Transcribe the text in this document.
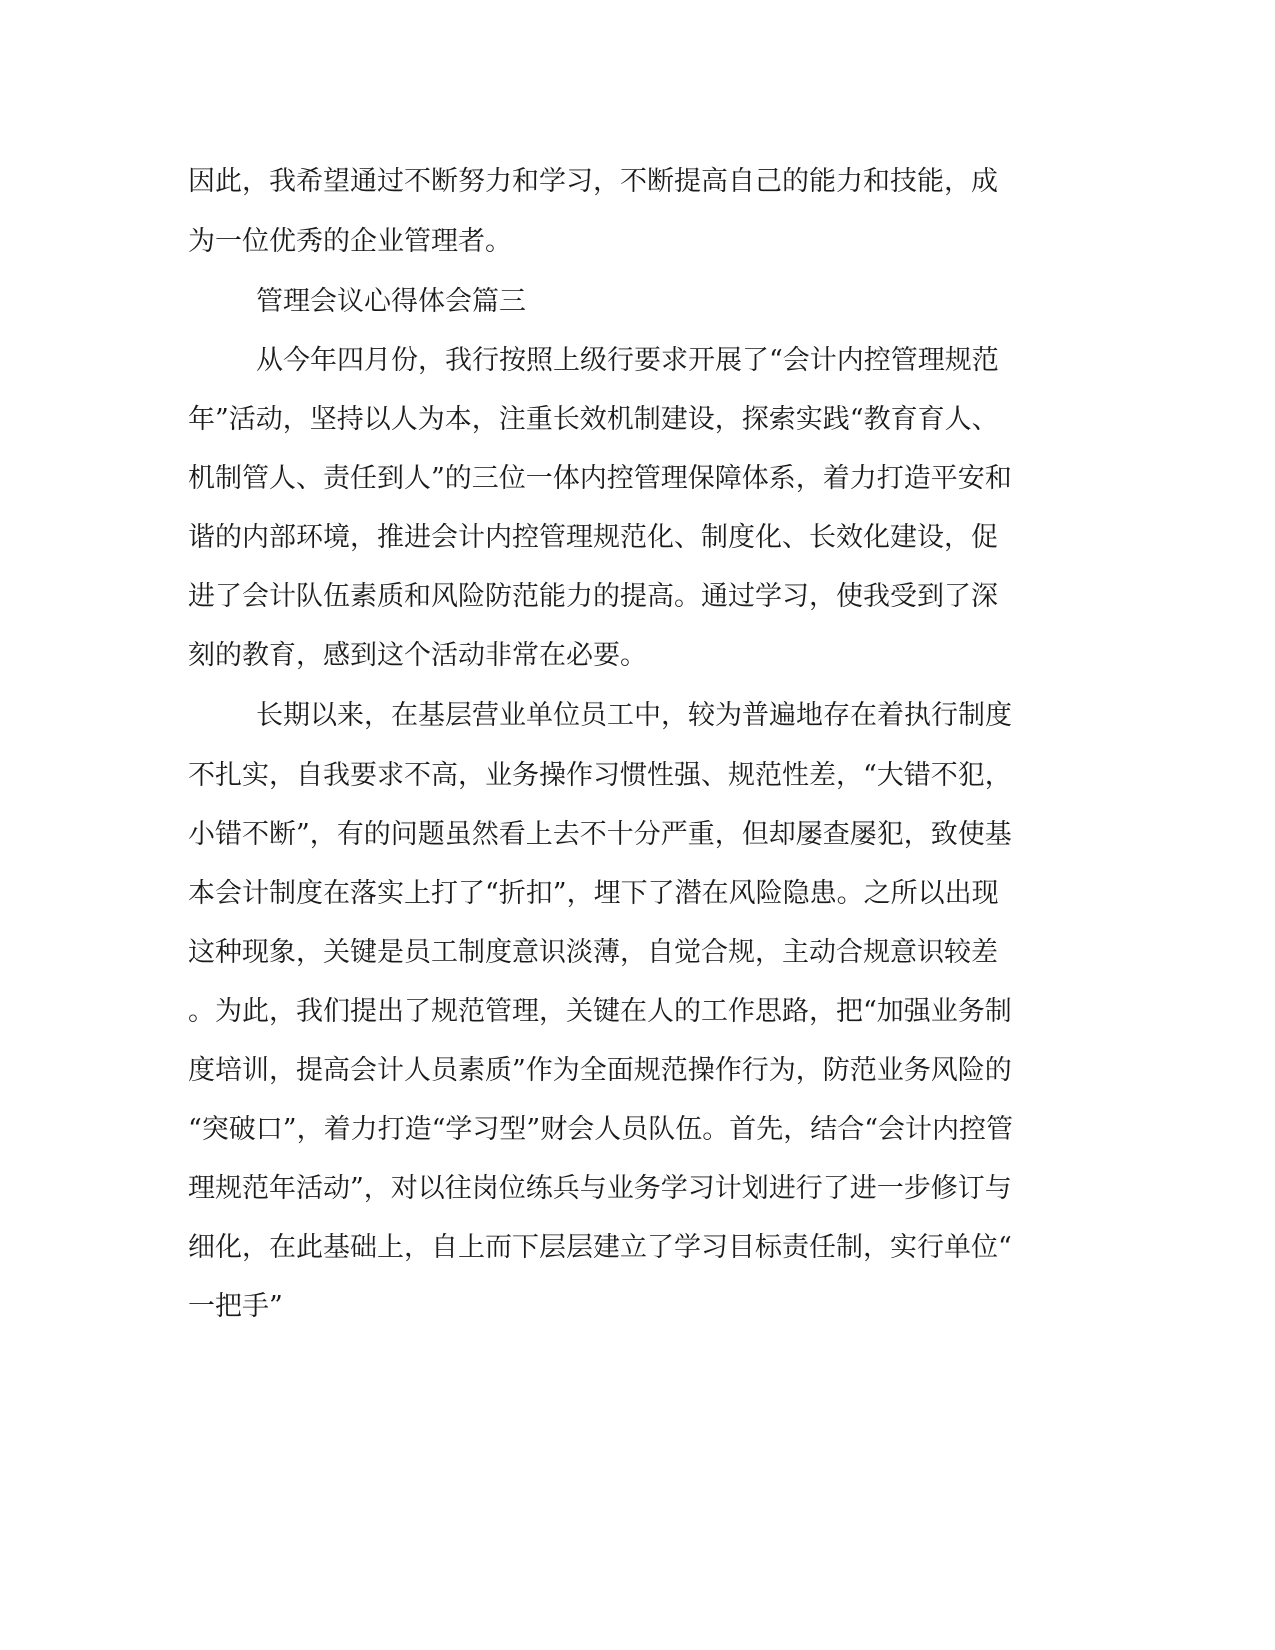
因此，我希望通过不断努力和学习，不断提高自己的能力和技能，成
为一位优秀的企业管理者。
管理会议心得体会篇三
从今年四月份，我行按照上级行要求开展了“会计内控管理规范
年”活动，坚持以人为本，注重长效机制建设，探索实践“教育育人、
机制管人、责任到人”的三位一体内控管理保障体系，着力打造平安和
谐的内部环境，推进会计内控管理规范化、制度化、长效化建设，促
进了会计队伍素质和风险防范能力的提高。通过学习，使我受到了深
刻的教育，感到这个活动非常在必要。
长期以来，在基层营业单位员工中，较为普遍地存在着执行制度
不扎实，自我要求不高，业务操作习惯性强、规范性差，“大错不犯，
小错不断”，有的问题虽然看上去不十分严重，但却屡查屡犯，致使基
本会计制度在落实上打了“折扣”，埋下了潜在风险隐患。之所以出现
这种现象，关键是员工制度意识淡薄，自觉合规，主动合规意识较差
。为此，我们提出了规范管理，关键在人的工作思路，把“加强业务制
度培训，提高会计人员素质”作为全面规范操作行为，防范业务风险的
“突破口”，着力打造“学习型”财会人员队伍。首先，结合“会计内控管
理规范年活动”，对以往岗位练兵与业务学习计划进行了进一步修订与
细化，在此基础上，自上而下层层建立了学习目标责任制，实行单位“
一把手”
